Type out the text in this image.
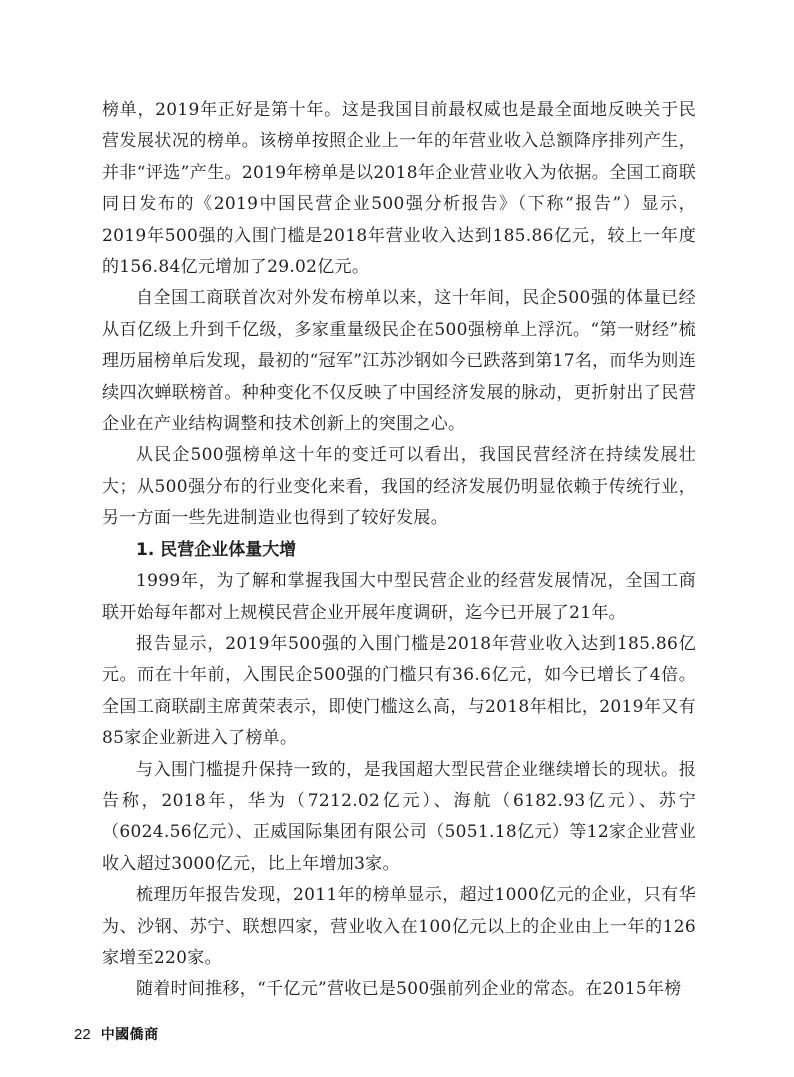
榜单，2019年正好是第十年。这是我国目前最权威也是最全面地反映关于民营发展状况的榜单。该榜单按照企业上一年的年营业收入总额降序排列产生，并非“评选”产生。2019年榜单是以2018年企业营业收入为依据。全国工商联同日发布的《2019中国民营企业500强分析报告》（下称“报告”）显示，2019年500强的入围门槛是2018年营业收入达到185.86亿元，较上一年度的156.84亿元增加了29.02亿元。

自全国工商联首次对外发布榜单以来，这十年间，民企500强的体量已经从百亿级上升到千亿级，多家重量级民企在500强榜单上浮沉。“第一财经”梳理历届榜单后发现，最初的“冠军”江苏沙钢如今已跌落到第17名，而华为则连续四次蝉联榜首。种种变化不仅反映了中国经济发展的脉动，更折射出了民营企业在产业结构调整和技术创新上的突围之心。

从民企500强榜单这十年的变迁可以看出，我国民营经济在持续发展壮大；从500强分布的行业变化来看，我国的经济发展仍明显依赖于传统行业，另一方面一些先进制造业也得到了较好发展。

1. 民营企业体量大增

1999年，为了解和掌握我国大中型民营企业的经营发展情况，全国工商联开始每年都对上规模民营企业开展年度调研，迄今已开展了21年。

报告显示，2019年500强的入围门槛是2018年营业收入达到185.86亿元。而在十年前，入围民企500强的门槛只有36.6亿元，如今已增长了4倍。全国工商联副主席黄荣表示，即使门槛这么高，与2018年相比，2019年又有85家企业新进入了榜单。

与入围门槛提升保持一致的，是我国超大型民营企业继续增长的现状。报告称，2018年，华为（7212.02亿元）、海航（6182.93亿元）、苏宁（6024.56亿元）、正威国际集团有限公司（5051.18亿元）等12家企业营业收入超过3000亿元，比上年增加3家。

梳理历年报告发现，2011年的榜单显示，超过1000亿元的企业，只有华为、沙钢、苏宁、联想四家，营业收入在100亿元以上的企业由上一年的126家增至220家。

随着时间推移，“千亿元”营收已是500强前列企业的常态。在2015年榜

22 中國僑商
